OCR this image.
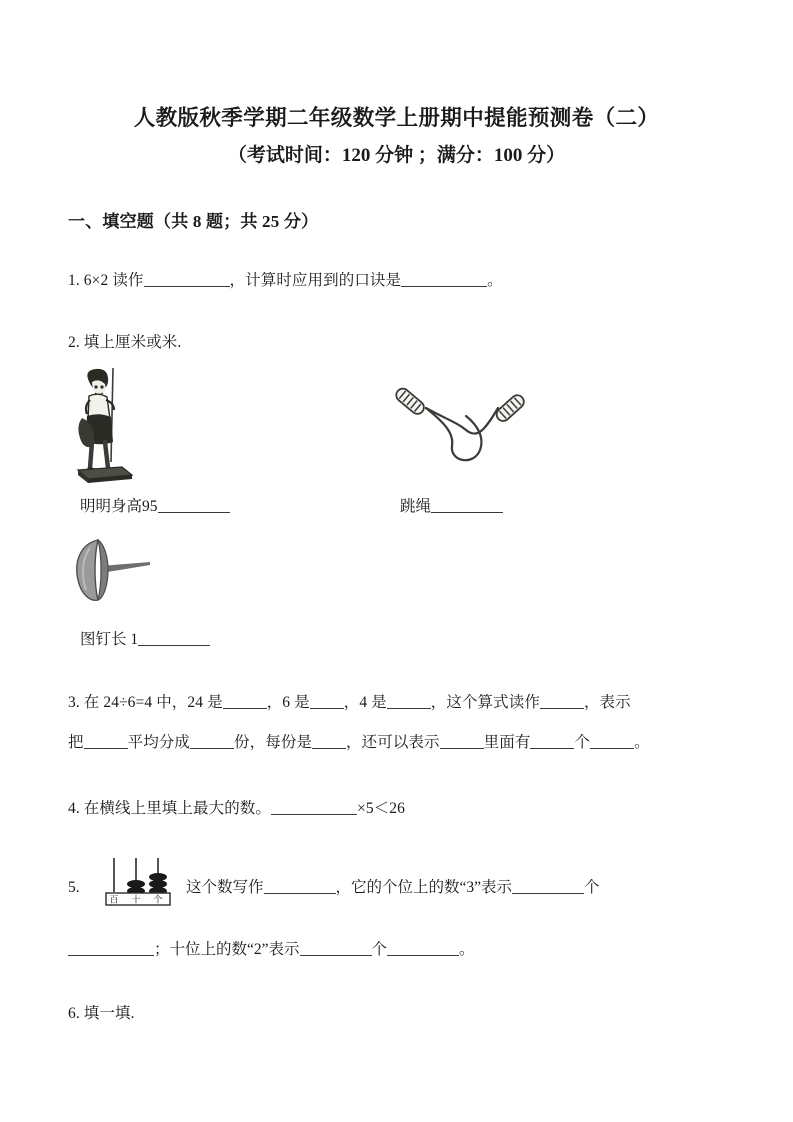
人教版秋季学期二年级数学上册期中提能预测卷（二）
（考试时间：120 分钟 ；满分：100 分）
一、填空题（共 8 题；共 25 分）
1. 6×2 读作	，计算时应用到的口诀是	。
2. 填上厘米或米.
明明身高95	跳绳
图钉长 1
3. 在 24÷6=4 中，24 是	，6 是 ，4 是	，这个算式读作	，表示
把	平均分成	份，每份是 ，还可以表示	里面有	个	。
4. 在横线上里填上最大的数。	×5＜26
百 十 个
5.	这个数写作	，它的个位上的数“3”表示	个
；十位上的数“2”表示	个	。
6. 填一填.
